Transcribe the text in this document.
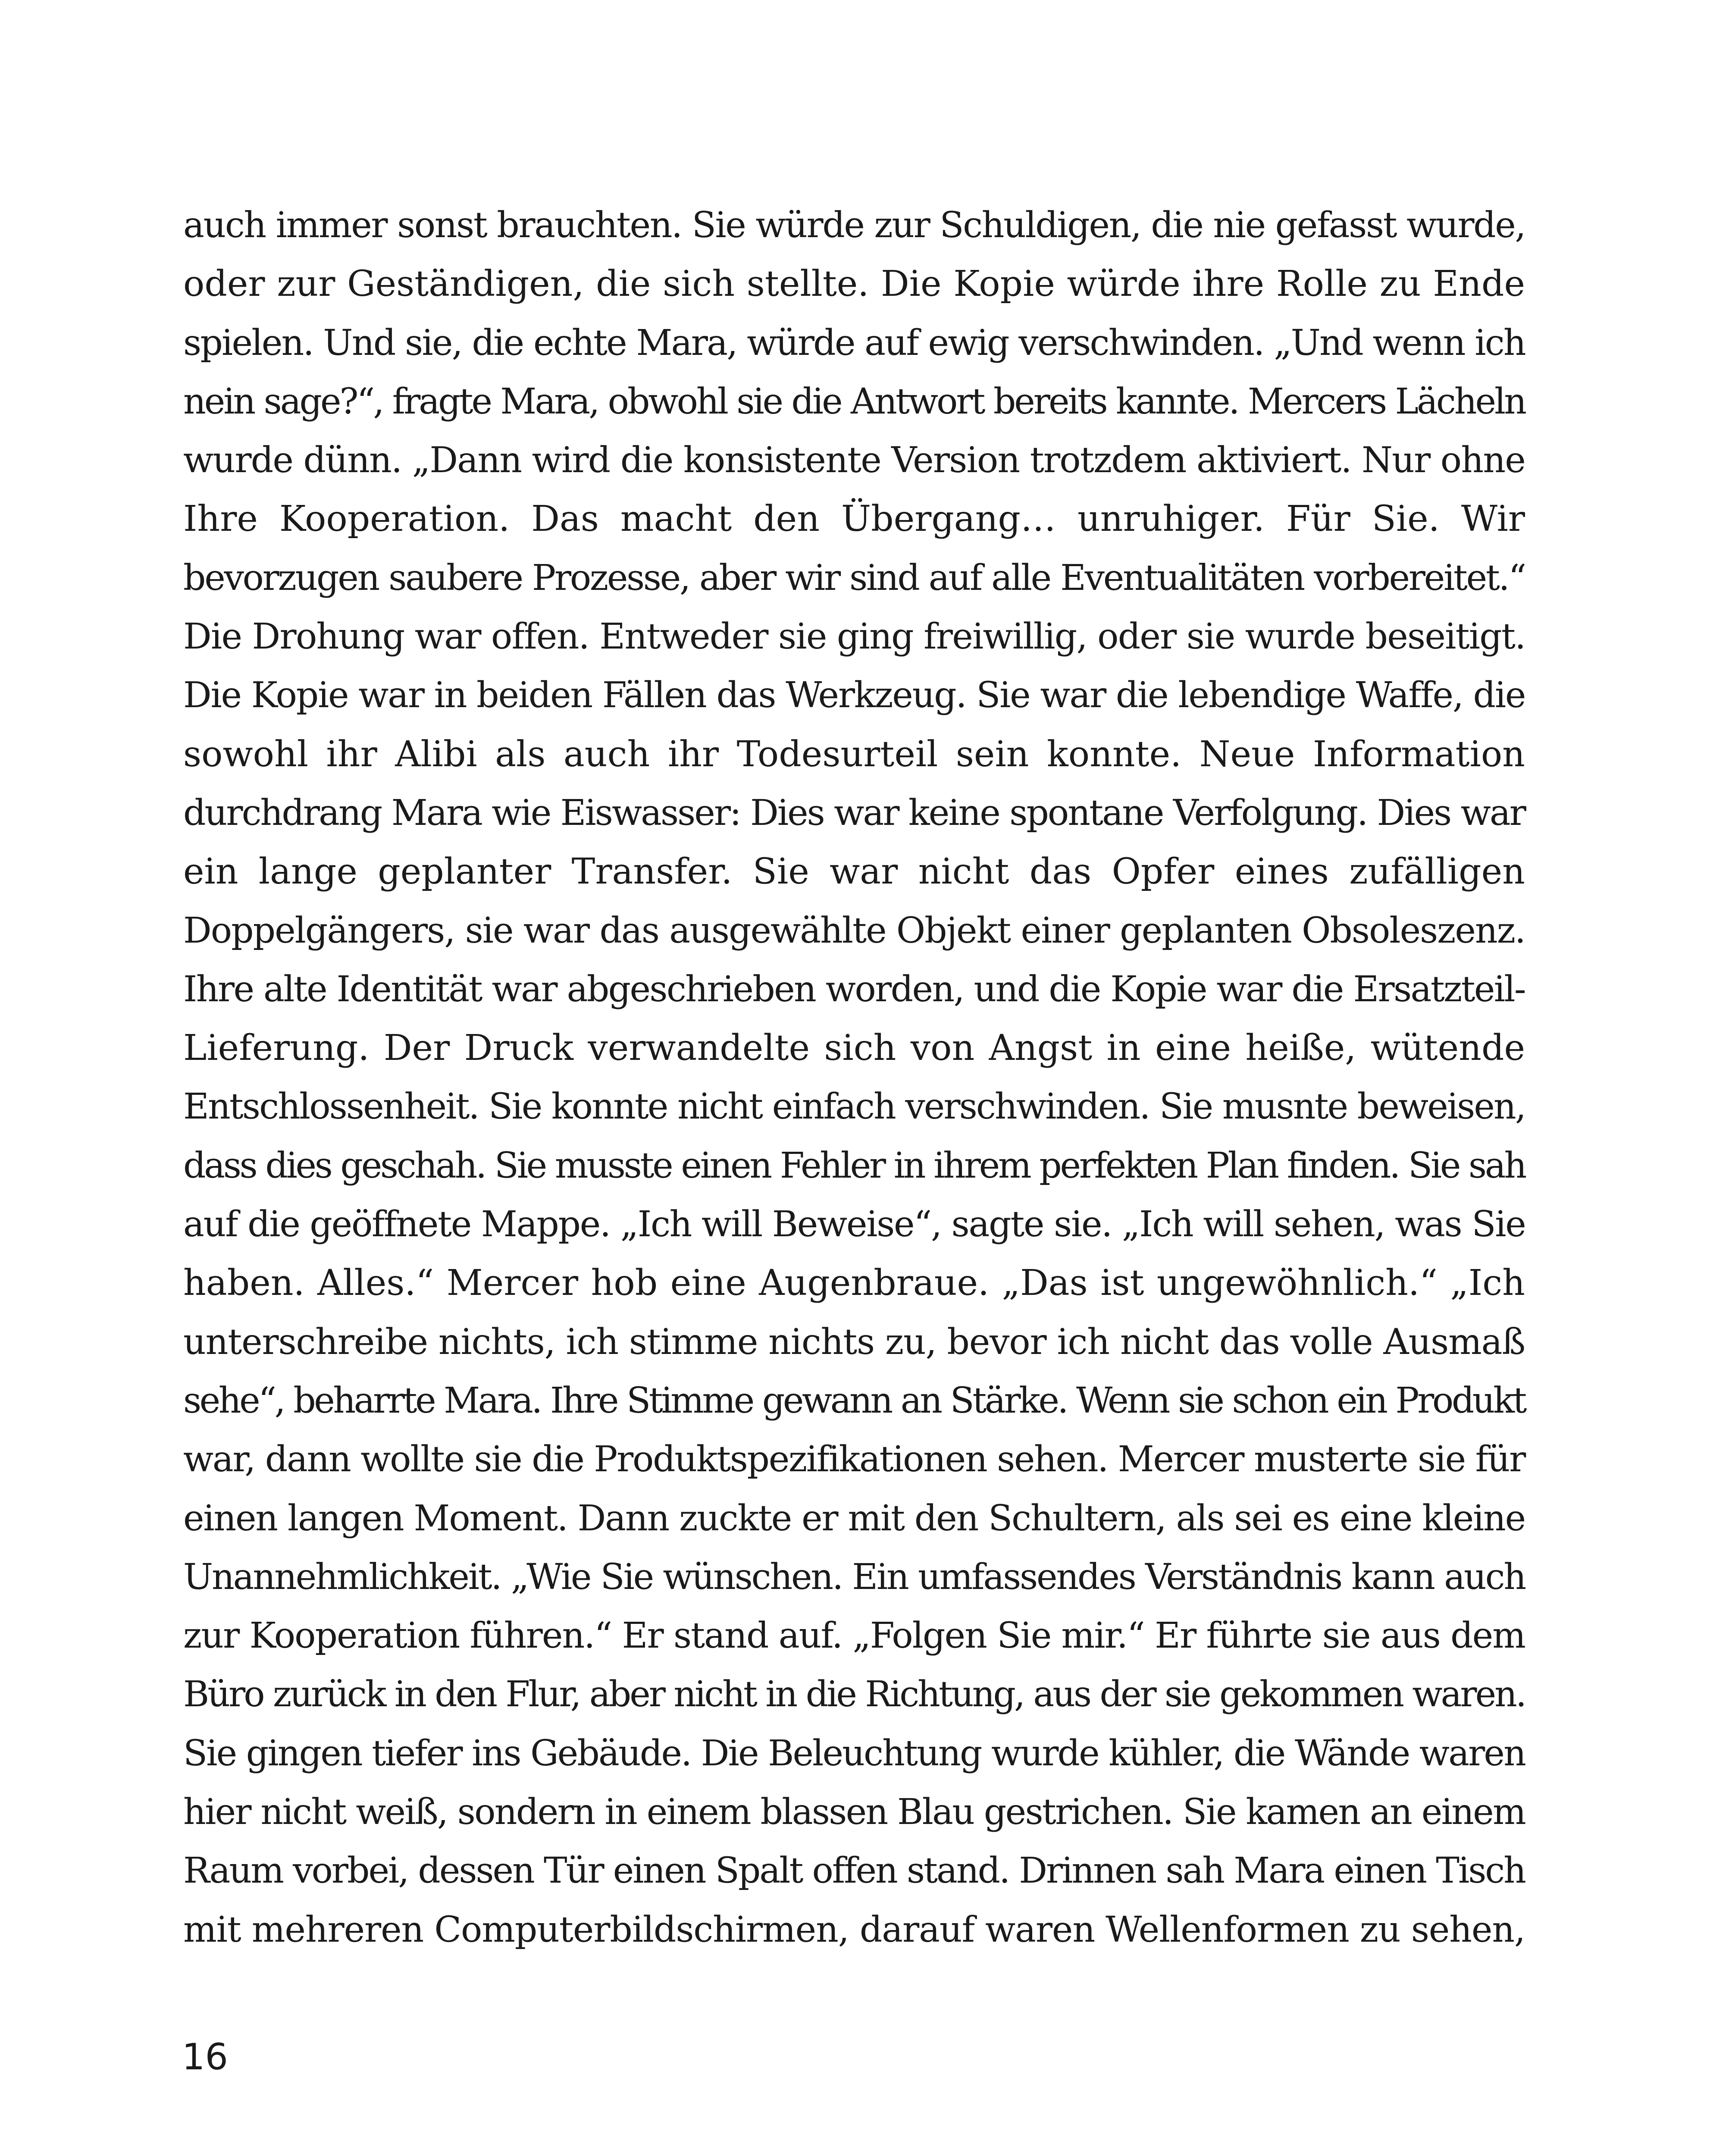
auch immer sonst brauchten. Sie würde zur Schuldigen, die nie gefasst wurde,
oder zur Geständigen, die sich stellte. Die Kopie würde ihre Rolle zu Ende
spielen. Und sie, die echte Mara, würde auf ewig verschwinden. „Und wenn ich
nein sage?“, fragte Mara, obwohl sie die Antwort bereits kannte. Mercers Lächeln
wurde dünn. „Dann wird die konsistente Version trotzdem aktiviert. Nur ohne
Ihre Kooperation. Das macht den Übergang… unruhiger. Für Sie. Wir
bevorzugen saubere Prozesse, aber wir sind auf alle Eventualitäten vorbereitet.“
Die Drohung war offen. Entweder sie ging freiwillig, oder sie wurde beseitigt.
Die Kopie war in beiden Fällen das Werkzeug. Sie war die lebendige Waffe, die
sowohl ihr Alibi als auch ihr Todesurteil sein konnte. Neue Information
durchdrang Mara wie Eiswasser: Dies war keine spontane Verfolgung. Dies war
ein lange geplanter Transfer. Sie war nicht das Opfer eines zufälligen
Doppelgängers, sie war das ausgewählte Objekt einer geplanten Obsoleszenz.
Ihre alte Identität war abgeschrieben worden, und die Kopie war die Ersatzteil-
Lieferung. Der Druck verwandelte sich von Angst in eine heiße, wütende
Entschlossenheit. Sie konnte nicht einfach verschwinden. Sie musnte beweisen,
dass dies geschah. Sie musste einen Fehler in ihrem perfekten Plan finden. Sie sah
auf die geöffnete Mappe. „Ich will Beweise“, sagte sie. „Ich will sehen, was Sie
haben. Alles.“ Mercer hob eine Augenbraue. „Das ist ungewöhnlich.“ „Ich
unterschreibe nichts, ich stimme nichts zu, bevor ich nicht das volle Ausmaß
sehe“, beharrte Mara. Ihre Stimme gewann an Stärke. Wenn sie schon ein Produkt
war, dann wollte sie die Produktspezifikationen sehen. Mercer musterte sie für
einen langen Moment. Dann zuckte er mit den Schultern, als sei es eine kleine
Unannehmlichkeit. „Wie Sie wünschen. Ein umfassendes Verständnis kann auch
zur Kooperation führen.“ Er stand auf. „Folgen Sie mir.“ Er führte sie aus dem
Büro zurück in den Flur, aber nicht in die Richtung, aus der sie gekommen waren.
Sie gingen tiefer ins Gebäude. Die Beleuchtung wurde kühler, die Wände waren
hier nicht weiß, sondern in einem blassen Blau gestrichen. Sie kamen an einem
Raum vorbei, dessen Tür einen Spalt offen stand. Drinnen sah Mara einen Tisch
mit mehreren Computerbildschirmen, darauf waren Wellenformen zu sehen,
16
